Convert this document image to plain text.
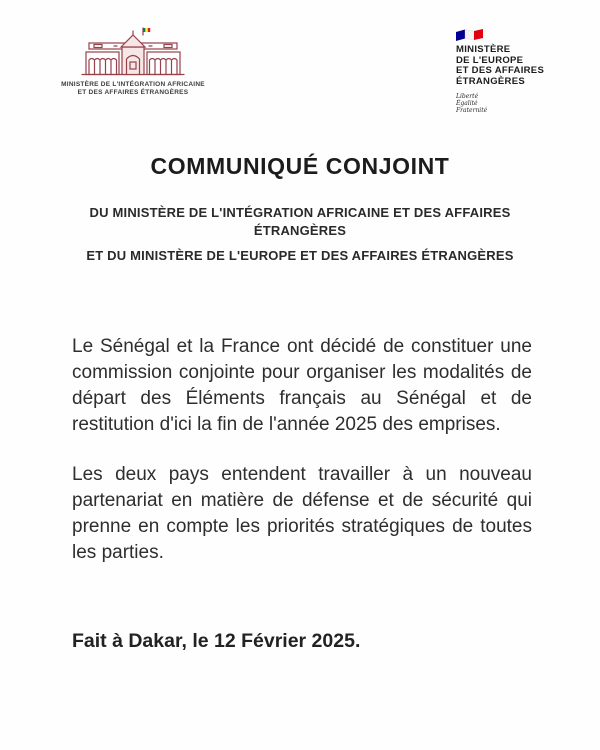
MINISTÈRE DE L'INTÉGRATION AFRICAINE
ET DES AFFAIRES ÉTRANGÈRES
MINISTÈRE
DE L'EUROPE
ET DES AFFAIRES
ÉTRANGÈRES
Liberté
Égalité
Fraternité
COMMUNIQUÉ CONJOINT
DU MINISTÈRE DE L'INTÉGRATION AFRICAINE ET DES AFFAIRES ÉTRANGÈRES
ET DU MINISTÈRE DE L'EUROPE ET DES AFFAIRES ÉTRANGÈRES

Le Sénégal et la France ont décidé de constituer une commission conjointe pour organiser les modalités de départ des Éléments français au Sénégal et de restitution d'ici la fin de l'année 2025 des emprises.

Les deux pays entendent travailler à un nouveau partenariat en matière de défense et de sécurité qui prenne en compte les priorités stratégiques de toutes les parties.

Fait à Dakar, le 12 Février 2025.
